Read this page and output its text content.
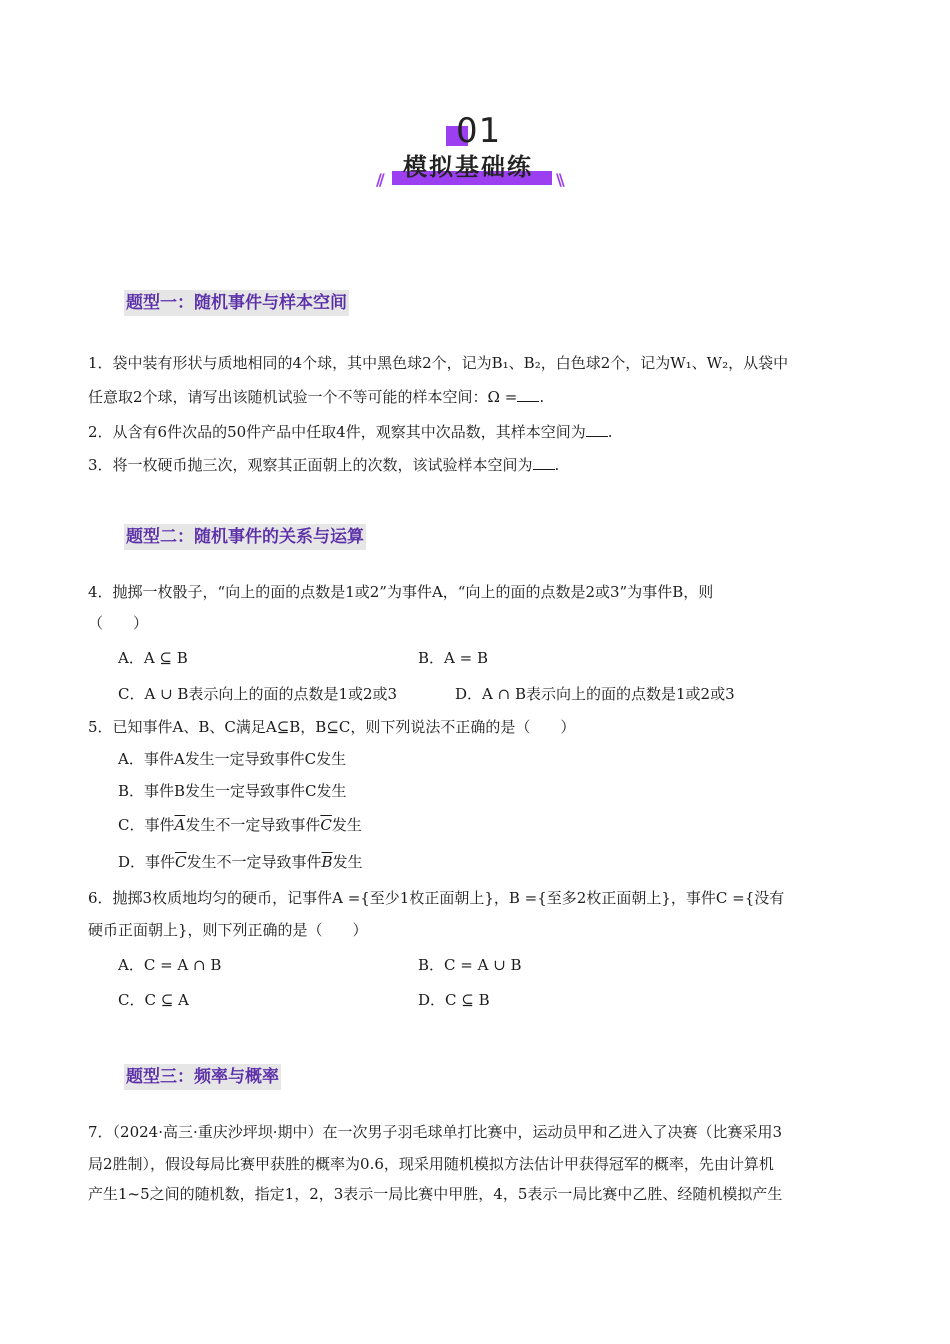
01
// 模拟基础练 \\
题型一：随机事件与样本空间
1．袋中装有形状与质地相同的4个球，其中黑色球2个，记为B₁、B₂，白色球2个，记为W₁、W₂，从袋中
任意取2个球，请写出该随机试验一个不等可能的样本空间：Ω = .
2．从含有6件次品的50件产品中任取4件，观察其中次品数，其样本空间为 .
3．将一枚硬币抛三次，观察其正面朝上的次数，该试验样本空间为 .
题型二：随机事件的关系与运算
4．抛掷一枚骰子，“向上的面的点数是1或2”为事件A，“向上的面的点数是2或3”为事件B，则
（　　）
A．A ⊆ B	B．A = B
C．A ∪ B表示向上的面的点数是1或2或3	D．A ∩ B表示向上的面的点数是1或2或3
5．已知事件A、B、C满足A⊆B，B⊆C，则下列说法不正确的是（　　）
A．事件A发生一定导致事件C发生
B．事件B发生一定导致事件C发生
C．事件$\overline{A}$发生不一定导致事件$\overline{C}$发生
D．事件$\overline{C}$发生不一定导致事件$\overline{B}$发生
6．抛掷3枚质地均匀的硬币，记事件A ={至少1枚正面朝上}，B ={至多2枚正面朝上}，事件C ={没有
硬币正面朝上}，则下列正确的是（　　）
A．C = A ∩ B	B．C = A ∪ B
C．C ⊆ A	D．C ⊆ B
题型三：频率与概率
7．（2024·高三·重庆沙坪坝·期中）在一次男子羽毛球单打比赛中，运动员甲和乙进入了决赛（比赛采用3
局2胜制），假设每局比赛甲获胜的概率为0.6，现采用随机模拟方法估计甲获得冠军的概率，先由计算机
产生1~5之间的随机数，指定1，2，3表示一局比赛中甲胜，4，5表示一局比赛中乙胜、经随机模拟产生
